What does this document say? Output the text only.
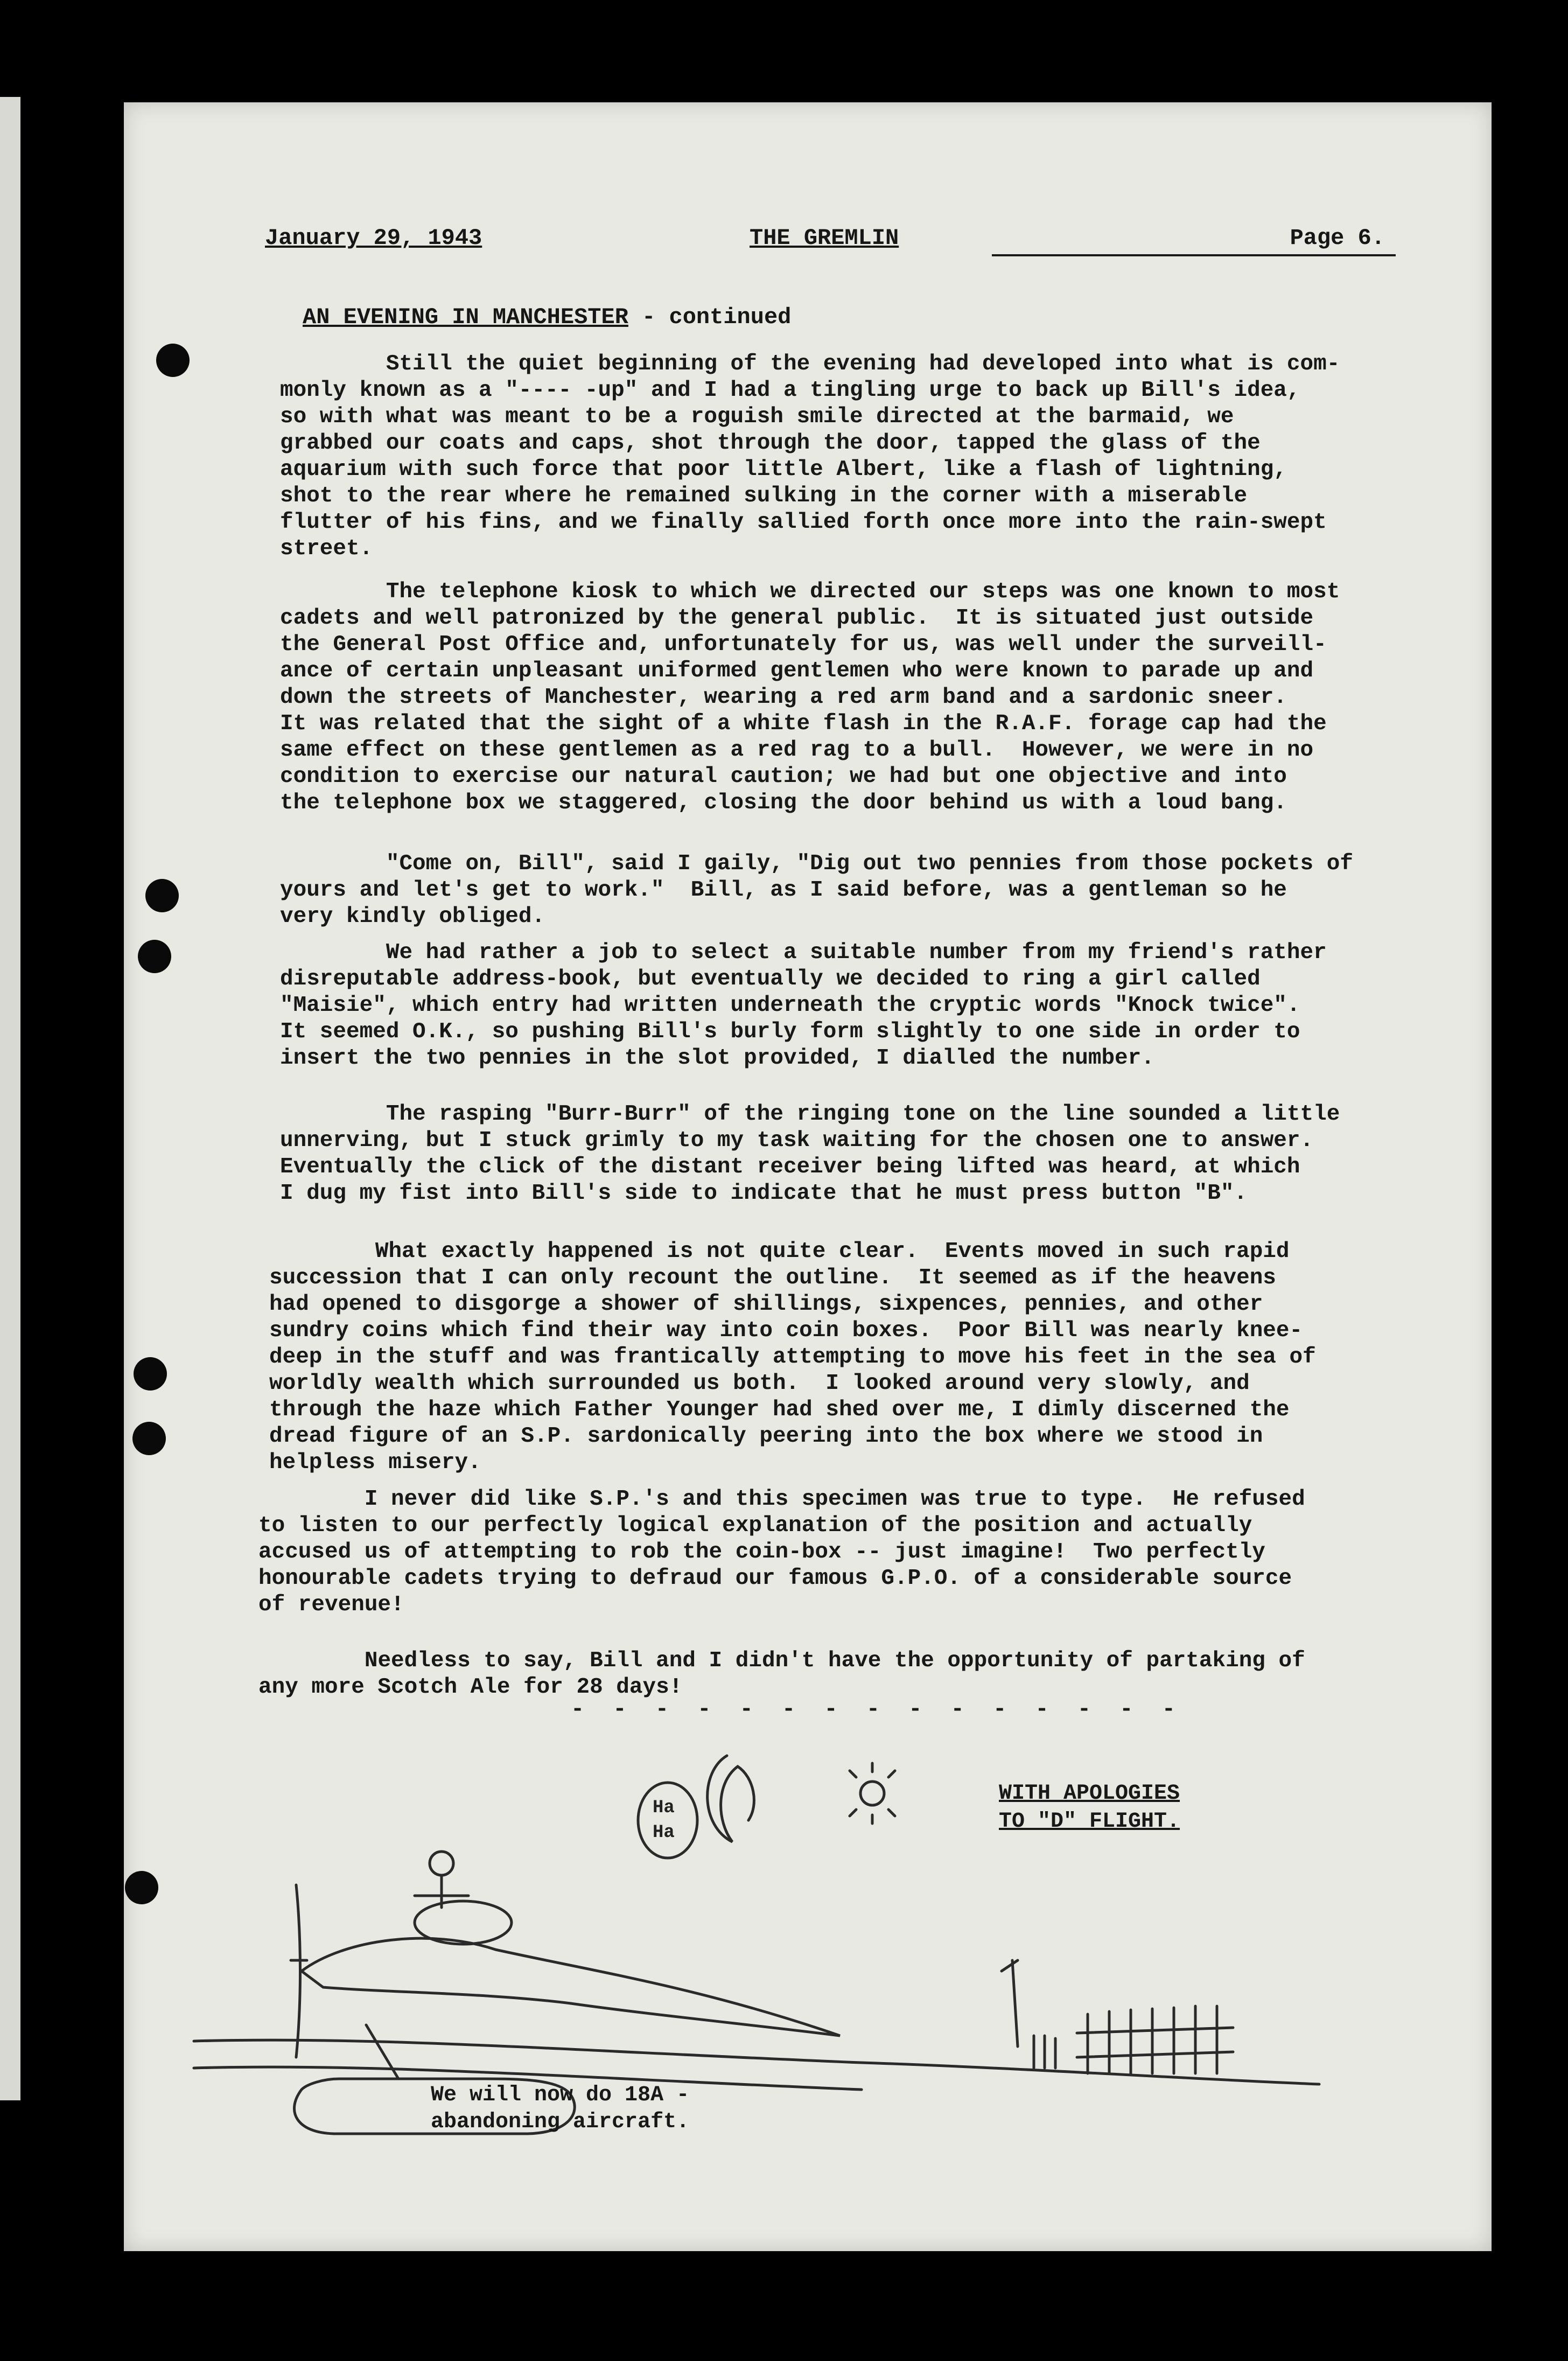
January 29, 1943	THE GREMLIN	Page 6.
AN EVENING IN MANCHESTER - continued
Still the quiet beginning of the evening had developed into what is com-
monly known as a "---- -up" and I had a tingling urge to back up Bill's idea,
so with what was meant to be a roguish smile directed at the barmaid, we
grabbed our coats and caps, shot through the door, tapped the glass of the
aquarium with such force that poor little Albert, like a flash of lightning,
shot to the rear where he remained sulking in the corner with a miserable
flutter of his fins, and we finally sallied forth once more into the rain-swept
street.
The telephone kiosk to which we directed our steps was one known to most
cadets and well patronized by the general public.  It is situated just outside
the General Post Office and, unfortunately for us, was well under the surveill-
ance of certain unpleasant uniformed gentlemen who were known to parade up and
down the streets of Manchester, wearing a red arm band and a sardonic sneer.
It was related that the sight of a white flash in the R.A.F. forage cap had the
same effect on these gentlemen as a red rag to a bull.  However, we were in no
condition to exercise our natural caution; we had but one objective and into
the telephone box we staggered, closing the door behind us with a loud bang.
"Come on, Bill", said I gaily, "Dig out two pennies from those pockets of
yours and let's get to work."  Bill, as I said before, was a gentleman so he
very kindly obliged.
We had rather a job to select a suitable number from my friend's rather
disreputable address-book, but eventually we decided to ring a girl called
"Maisie", which entry had written underneath the cryptic words "Knock twice".
It seemed O.K., so pushing Bill's burly form slightly to one side in order to
insert the two pennies in the slot provided, I dialled the number.
The rasping "Burr-Burr" of the ringing tone on the line sounded a little
unnerving, but I stuck grimly to my task waiting for the chosen one to answer.
Eventually the click of the distant receiver being lifted was heard, at which
I dug my fist into Bill's side to indicate that he must press button "B".
What exactly happened is not quite clear.  Events moved in such rapid
succession that I can only recount the outline.  It seemed as if the heavens
had opened to disgorge a shower of shillings, sixpences, pennies, and other
sundry coins which find their way into coin boxes.  Poor Bill was nearly knee-
deep in the stuff and was frantically attempting to move his feet in the sea of
worldly wealth which surrounded us both.  I looked around very slowly, and
through the haze which Father Younger had shed over me, I dimly discerned the
dread figure of an S.P. sardonically peering into the box where we stood in
helpless misery.
I never did like S.P.'s and this specimen was true to type.  He refused
to listen to our perfectly logical explanation of the position and actually
accused us of attempting to rob the coin-box -- just imagine!  Two perfectly
honourable cadets trying to defraud our famous G.P.O. of a considerable source
of revenue!
Needless to say, Bill and I didn't have the opportunity of partaking of
any more Scotch Ale for 28 days!
- - - - - - - - - - - - - - -
WITH APOLOGIES
TO "D" FLIGHT.
Ha
Ha
We will now do 18A -
abandoning aircraft.
